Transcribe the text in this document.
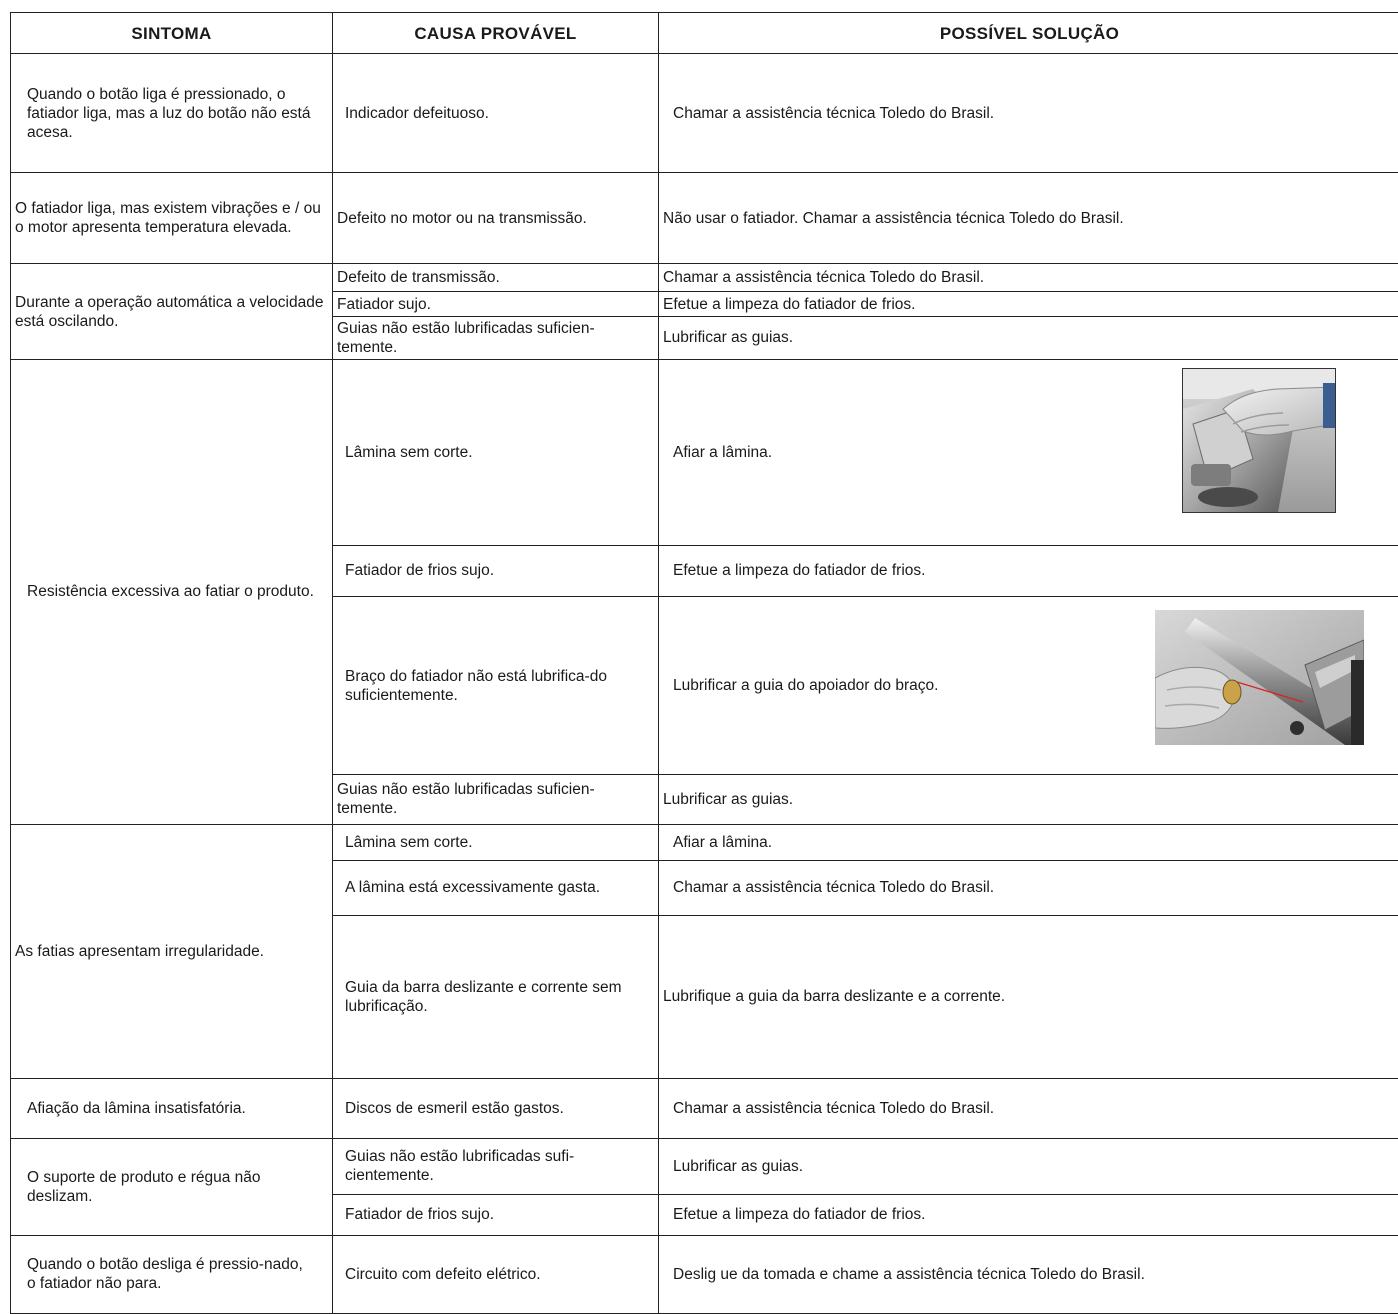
SINTOMA	CAUSA PROVÁVEL	POSSÍVEL SOLUÇÃO
Quando o botão liga é pressionado, o fatiador liga, mas a luz do botão não está acesa.	Indicador defeituoso.	Chamar a assistência técnica Toledo do Brasil.
O fatiador liga, mas existem vibrações e / ou o motor apresenta temperatura elevada.	Defeito no motor ou na transmissão.	Não usar o fatiador. Chamar a assistência técnica Toledo do Brasil.
Durante a operação automática a velocidade está oscilando.	Defeito de transmissão.	Chamar a assistência técnica Toledo do Brasil.
	Fatiador sujo.	Efetue a limpeza do fatiador de frios.
	Guias não estão lubrificadas suficien-temente.	Lubrificar as guias.
Resistência excessiva ao fatiar o produto.	Lâmina sem corte.	Afiar a lâmina.

	Fatiador de frios sujo.	Efetue a limpeza do fatiador de frios.
	Braço do fatiador não está lubrifica-do suficientemente.	Lubrificar a guia do apoiador do braço.

	Guias não estão lubrificadas suficien-temente.	Lubrificar as guias.
As fatias apresentam irregularidade.	Lâmina sem corte.	Afiar a lâmina.
	A lâmina está excessivamente gasta.	Chamar a assistência técnica Toledo do Brasil.
	Guia da barra deslizante e corrente sem lubrificação.	Lubrifique a guia da barra deslizante e a corrente.
Afiação da lâmina insatisfatória.	Discos de esmeril estão gastos.	Chamar a assistência técnica Toledo do Brasil.
O suporte de produto e régua não deslizam.	Guias não estão lubrificadas sufi-cientemente.	Lubrificar as guias.
	Fatiador de frios sujo.	Efetue a limpeza do fatiador de frios.
Quando o botão desliga é pressio-nado, o fatiador não para.	Circuito com defeito elétrico.	Deslig ue da tomada e chame a assistência técnica Toledo do Brasil.
